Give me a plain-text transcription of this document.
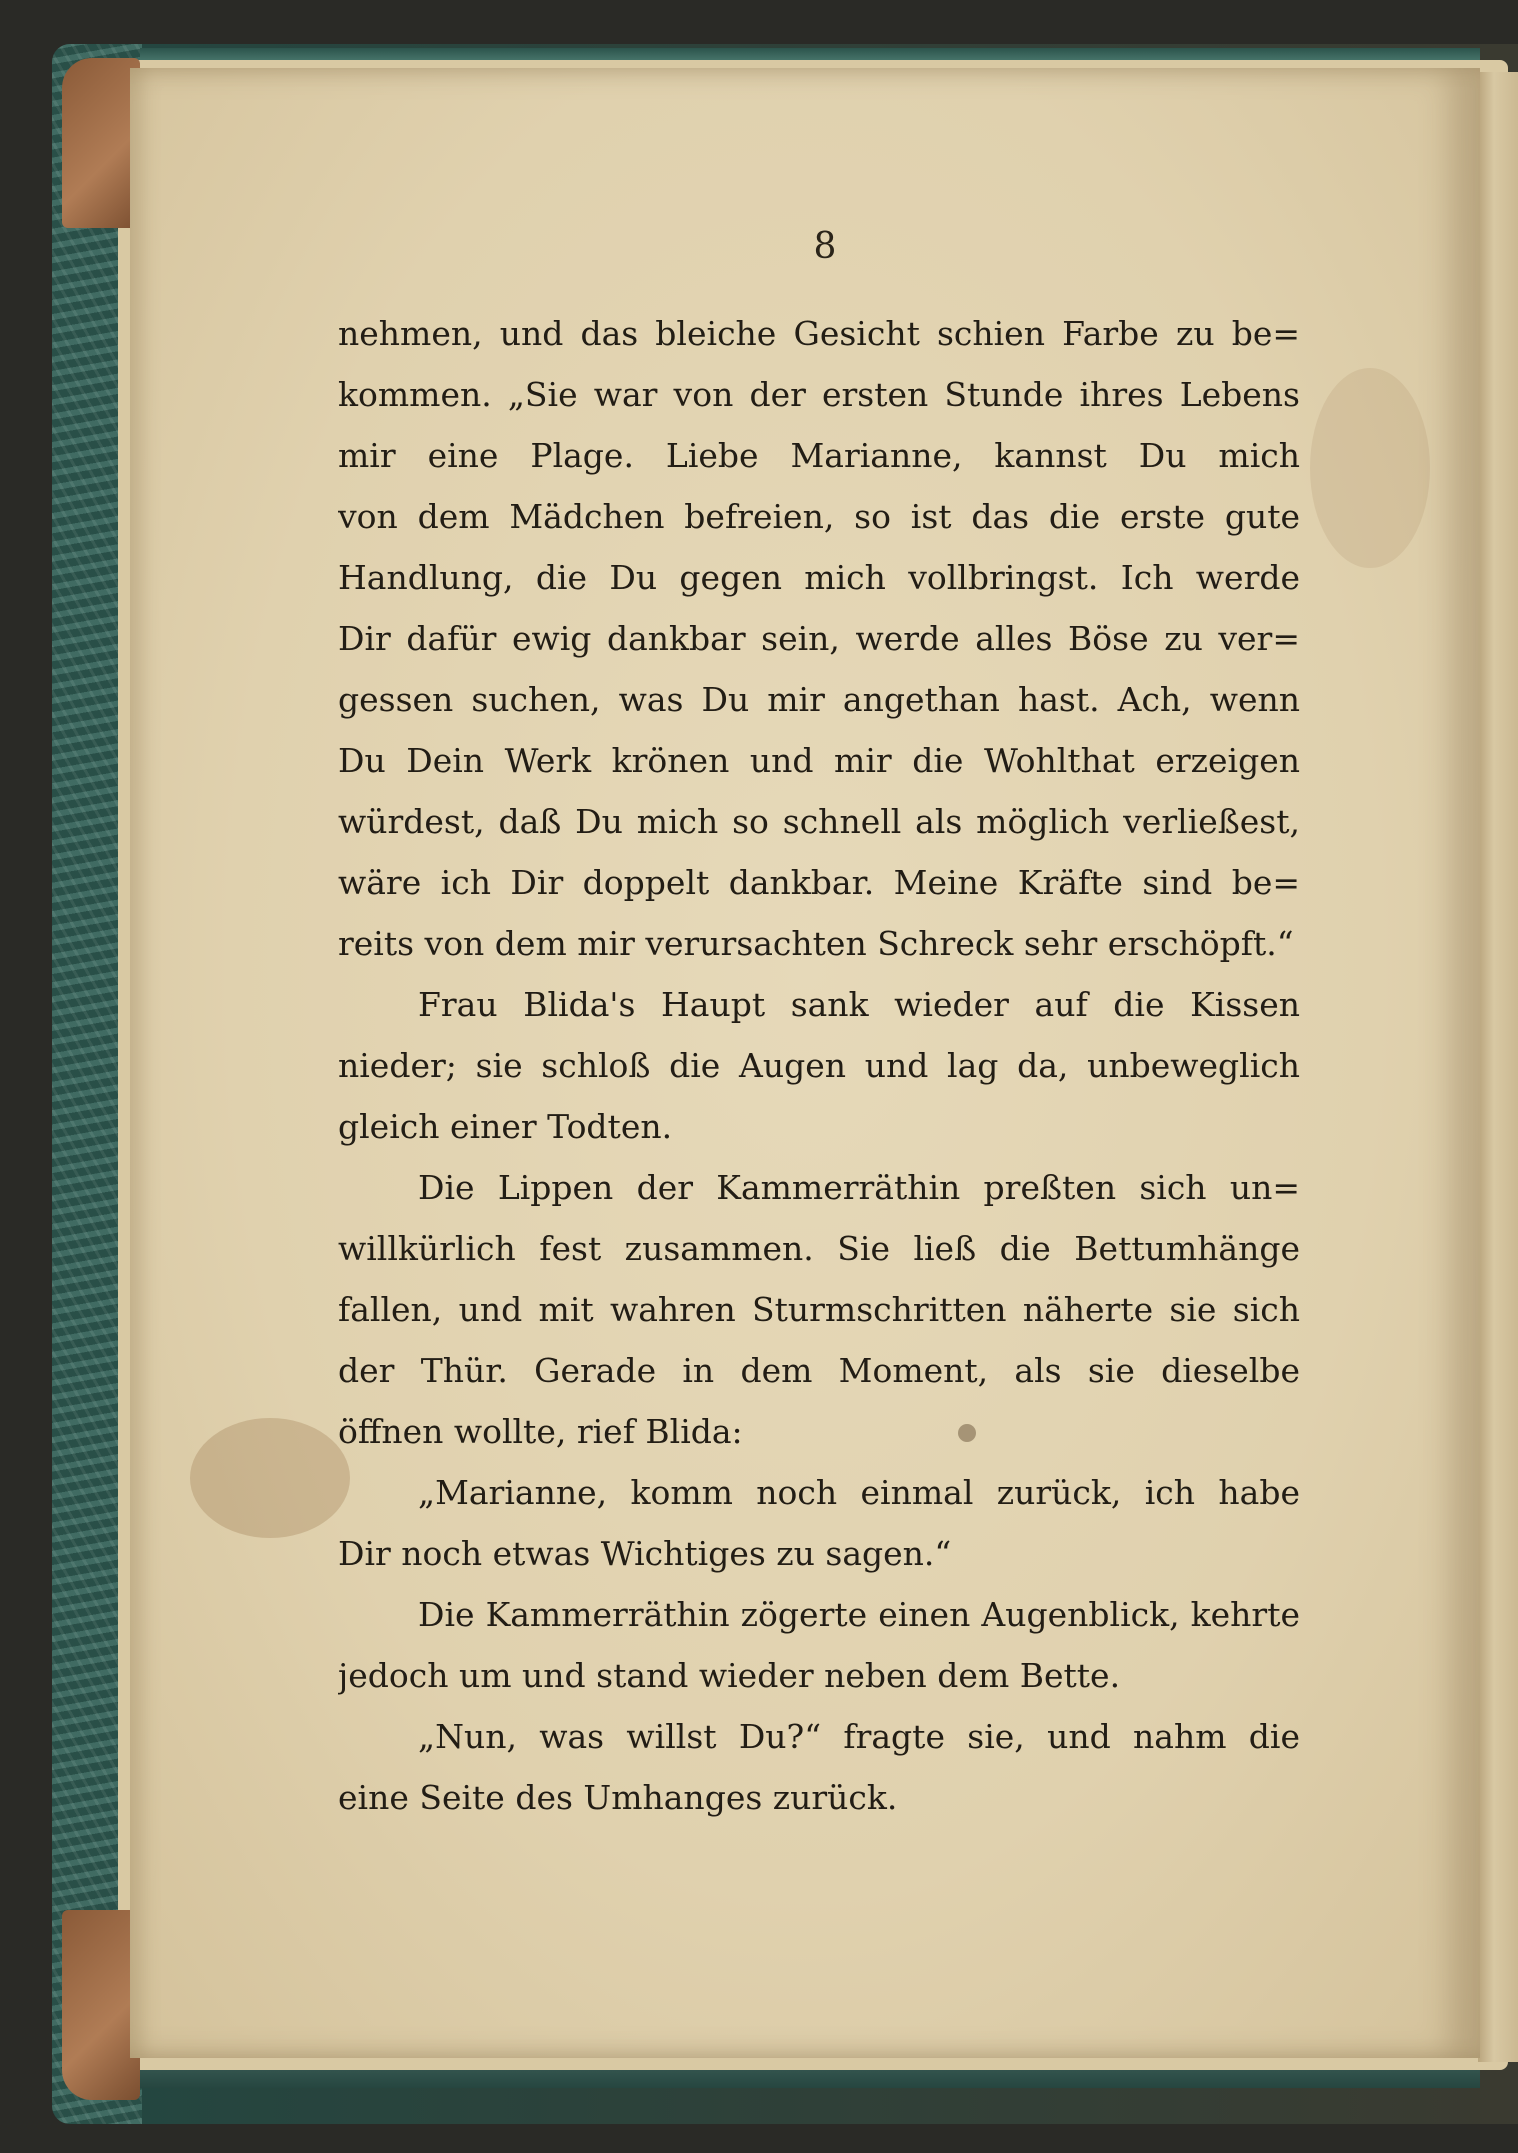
8
nehmen, und das bleiche Gesicht schien Farbe zu be=
kommen. „Sie war von der ersten Stunde ihres Lebens
mir eine Plage. Liebe Marianne, kannst Du mich
von dem Mädchen befreien, so ist das die erste gute
Handlung, die Du gegen mich vollbringst. Ich werde
Dir dafür ewig dankbar sein, werde alles Böse zu ver=
gessen suchen, was Du mir angethan hast. Ach, wenn
Du Dein Werk krönen und mir die Wohlthat erzeigen
würdest, daß Du mich so schnell als möglich verließest,
wäre ich Dir doppelt dankbar. Meine Kräfte sind be=
reits von dem mir verursachten Schreck sehr erschöpft.“
Frau Blida's Haupt sank wieder auf die Kissen
nieder; sie schloß die Augen und lag da, unbeweglich
gleich einer Todten.
Die Lippen der Kammerräthin preßten sich un=
willkürlich fest zusammen. Sie ließ die Bettumhänge
fallen, und mit wahren Sturmschritten näherte sie sich
der Thür. Gerade in dem Moment, als sie dieselbe
öffnen wollte, rief Blida:
„Marianne, komm noch einmal zurück, ich habe
Dir noch etwas Wichtiges zu sagen.“
Die Kammerräthin zögerte einen Augenblick, kehrte
jedoch um und stand wieder neben dem Bette.
„Nun, was willst Du?“ fragte sie, und nahm die
eine Seite des Umhanges zurück.
